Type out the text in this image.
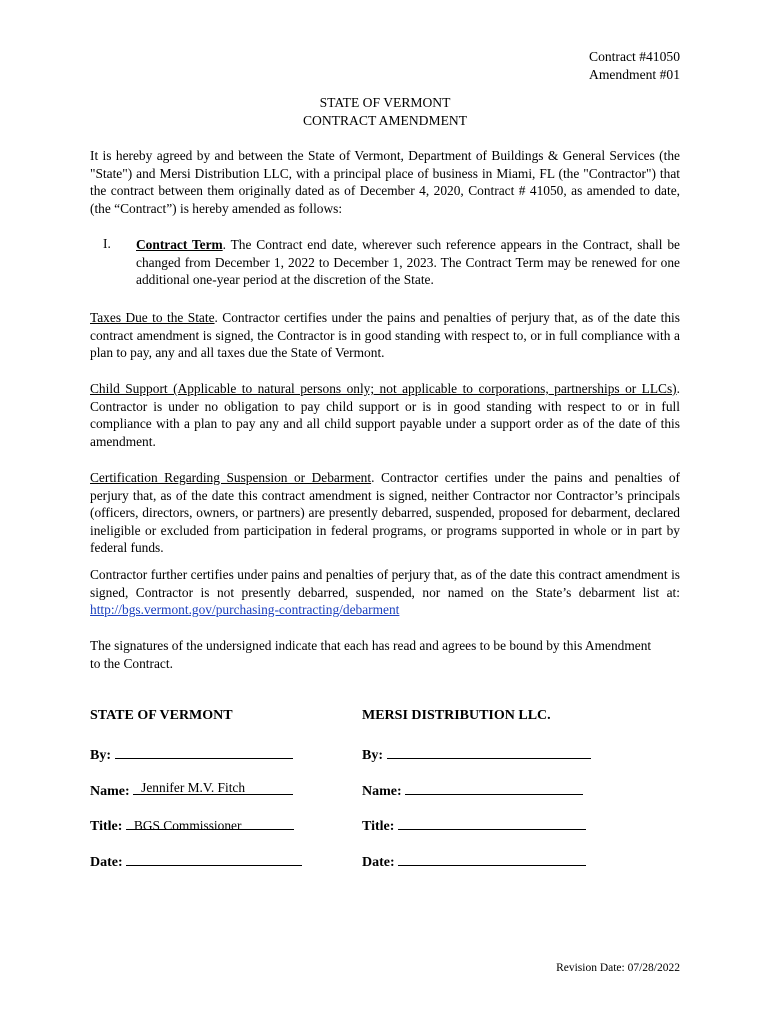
Contract #41050
Amendment #01
STATE OF VERMONT
CONTRACT AMENDMENT
It is hereby agreed by and between the State of Vermont, Department of Buildings & General Services (the "State") and Mersi Distribution LLC, with a principal place of business in Miami, FL (the "Contractor") that the contract between them originally dated as of December 4, 2020, Contract # 41050, as amended to date, (the “Contract”) is hereby amended as follows:
I. Contract Term. The Contract end date, wherever such reference appears in the Contract, shall be changed from December 1, 2022 to December 1, 2023. The Contract Term may be renewed for one additional one-year period at the discretion of the State.
Taxes Due to the State. Contractor certifies under the pains and penalties of perjury that, as of the date this contract amendment is signed, the Contractor is in good standing with respect to, or in full compliance with a plan to pay, any and all taxes due the State of Vermont.
Child Support (Applicable to natural persons only; not applicable to corporations, partnerships or LLCs). Contractor is under no obligation to pay child support or is in good standing with respect to or in full compliance with a plan to pay any and all child support payable under a support order as of the date of this amendment.
Certification Regarding Suspension or Debarment. Contractor certifies under the pains and penalties of perjury that, as of the date this contract amendment is signed, neither Contractor nor Contractor’s principals (officers, directors, owners, or partners) are presently debarred, suspended, proposed for debarment, declared ineligible or excluded from participation in federal programs, or programs supported in whole or in part by federal funds.
Contractor further certifies under pains and penalties of perjury that, as of the date this contract amendment is signed, Contractor is not presently debarred, suspended, nor named on the State’s debarment list at: http://bgs.vermont.gov/purchasing-contracting/debarment
The signatures of the undersigned indicate that each has read and agrees to be bound by this Amendment to the Contract.
STATE OF VERMONT
By:
Name: Jennifer M.V. Fitch
Title: BGS Commissioner
Date:
MERSI DISTRIBUTION LLC.
By:
Name:
Title:
Date:
Revision Date: 07/28/2022
